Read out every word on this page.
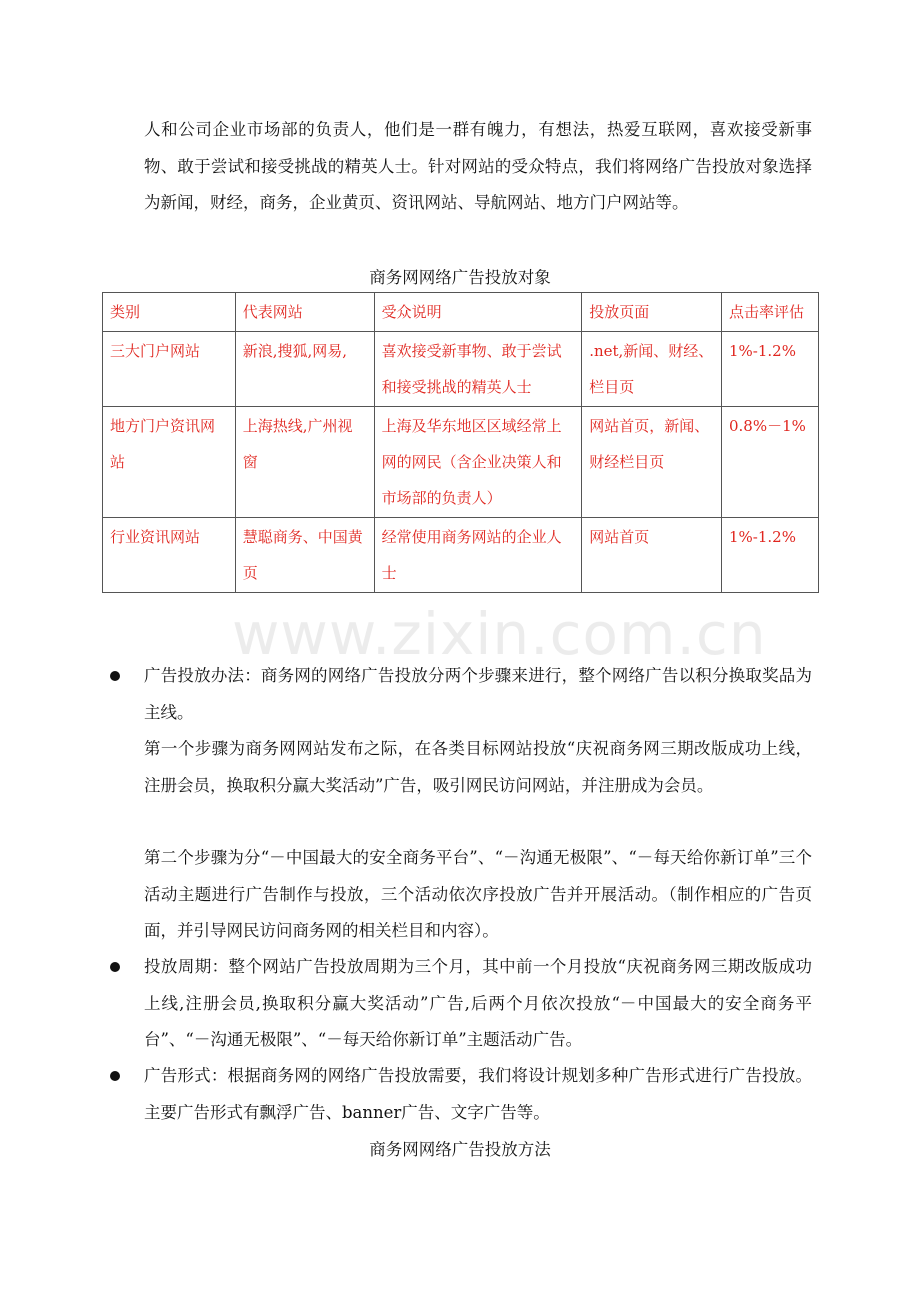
人和公司企业市场部的负责人，他们是一群有魄力，有想法，热爱互联网，喜欢接受新事物、敢于尝试和接受挑战的精英人士。针对网站的受众特点，我们将网络广告投放对象选择为新闻，财经，商务，企业黄页、资讯网站、导航网站、地方门户网站等。

商务网网络广告投放对象

类别	代表网站	受众说明	投放页面	点击率评估
三大门户网站	新浪,搜狐,网易,	喜欢接受新事物、敢于尝试和接受挑战的精英人士	.net,新闻、财经、栏目页	1%-1.2%
地方门户资讯网站	上海热线,广州视窗	上海及华东地区区域经常上网的网民（含企业决策人和市场部的负责人）	网站首页，新闻、财经栏目页	0.8%－1%
行业资讯网站	慧聪商务、中国黄页	经常使用商务网站的企业人士	网站首页	1%-1.2%
www.zixin.com.cn

广告投放办法：商务网的网络广告投放分两个步骤来进行，整个网络广告以积分换取奖品为主线。

第一个步骤为商务网网站发布之际，在各类目标网站投放“庆祝商务网三期改版成功上线，注册会员，换取积分赢大奖活动”广告，吸引网民访问网站，并注册成为会员。

第二个步骤为分“－中国最大的安全商务平台”、“－沟通无极限”、“－每天给你新订单”三个活动主题进行广告制作与投放，三个活动依次序投放广告并开展活动。（制作相应的广告页面，并引导网民访问商务网的相关栏目和内容）。

投放周期：整个网站广告投放周期为三个月，其中前一个月投放“庆祝商务网三期改版成功上线,注册会员,换取积分赢大奖活动”广告,后两个月依次投放“－中国最大的安全商务平台”、“－沟通无极限”、“－每天给你新订单”主题活动广告。

广告形式：根据商务网的网络广告投放需要，我们将设计规划多种广告形式进行广告投放。主要广告形式有飘浮广告、banner广告、文字广告等。

商务网网络广告投放方法
